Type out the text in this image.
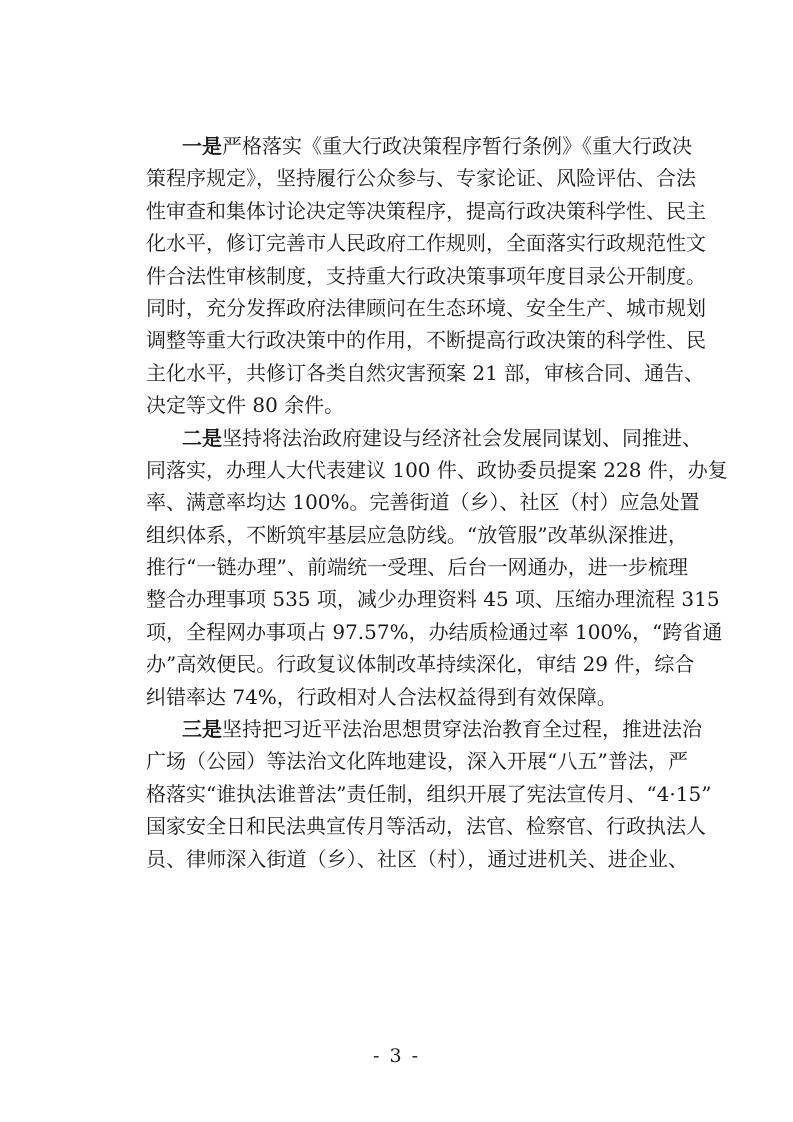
一是严格落实《重大行政决策程序暂行条例》《重大行政决
策程序规定》，坚持履行公众参与、专家论证、风险评估、合法
性审查和集体讨论决定等决策程序，提高行政决策科学性、民主
化水平，修订完善市人民政府工作规则，全面落实行政规范性文
件合法性审核制度，支持重大行政决策事项年度目录公开制度。
同时，充分发挥政府法律顾问在生态环境、安全生产、城市规划
调整等重大行政决策中的作用，不断提高行政决策的科学性、民
主化水平，共修订各类自然灾害预案 21 部，审核合同、通告、
决定等文件 80 余件。
二是坚持将法治政府建设与经济社会发展同谋划、同推进、
同落实，办理人大代表建议 100 件、政协委员提案 228 件，办复
率、满意率均达 100%。完善街道（乡）、社区（村）应急处置
组织体系，不断筑牢基层应急防线。“放管服”改革纵深推进，
推行“一链办理”、前端统一受理、后台一网通办，进一步梳理
整合办理事项 535 项，减少办理资料 45 项、压缩办理流程 315
项，全程网办事项占 97.57%，办结质检通过率 100%，“跨省通
办”高效便民。行政复议体制改革持续深化，审结 29 件，综合
纠错率达 74%，行政相对人合法权益得到有效保障。
三是坚持把习近平法治思想贯穿法治教育全过程，推进法治
广场（公园）等法治文化阵地建设，深入开展“八五”普法，严
格落实“谁执法谁普法”责任制，组织开展了宪法宣传月、“4·15”
国家安全日和民法典宣传月等活动，法官、检察官、行政执法人
员、律师深入街道（乡）、社区（村），通过进机关、进企业、
- 3 -
